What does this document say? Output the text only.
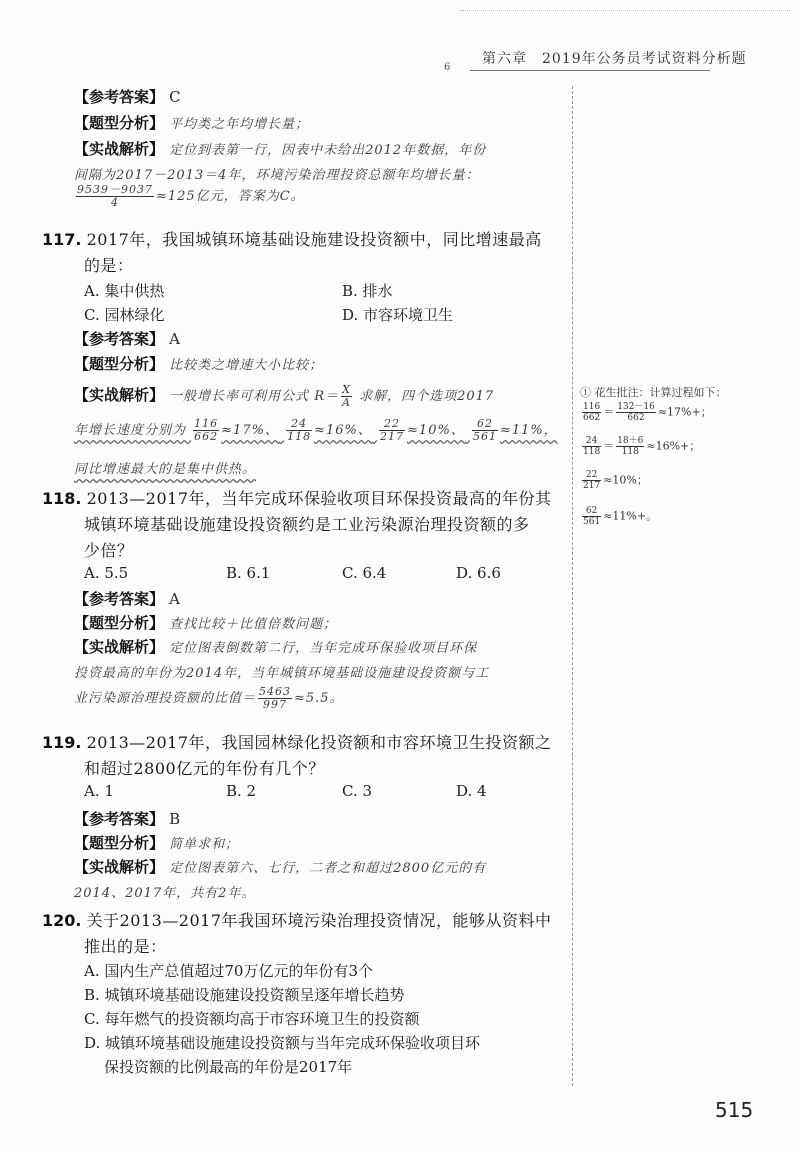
第六章　2019年公务员考试资料分析题
6
【参考答案】 C
【题型分析】 平均类之年均增长量；
【实战解析】 定位到表第一行，因表中未给出2012年数据，年份
间隔为2017－2013＝4年，环境污染治理投资总额年均增长量：
$\frac{9539-9037}{4} \approx 125$亿元，答案为C。
117. 2017年，我国城镇环境基础设施建设投资额中，同比增速最高
的是：
A. 集中供热	B. 排水
C. 园林绿化	D. 市容环境卫生
【参考答案】 A
【题型分析】 比较类之增速大小比较；
【实战解析】 一般增长率可利用公式 $R= \frac{X}{A}$ 求解，四个选项2017
年增长速度分别为 $\frac{116}{662} \approx 17\%$、 $\frac{24}{118} \approx 16\%$、 $\frac{22}{217} \approx 10\%$、 $\frac{62}{561} \approx 11\%$，
同比增速最大的是集中供热。
118. 2013—2017年，当年完成环保验收项目环保投资最高的年份其
城镇环境基础设施建设投资额约是工业污染源治理投资额的多
少倍？
A. 5.5	B. 6.1	C. 6.4	D. 6.6
【参考答案】 A
【题型分析】 查找比较＋比值倍数问题；
【实战解析】 定位图表倒数第二行，当年完成环保验收项目环保
投资最高的年份为2014年，当年城镇环境基础设施建设投资额与工
业污染源治理投资额的比值＝ $\frac{5463}{997} \approx 5.5$。
119. 2013—2017年，我国园林绿化投资额和市容环境卫生投资额之
和超过2800亿元的年份有几个？
A. 1	B. 2	C. 3	D. 4
【参考答案】 B
【题型分析】 简单求和；
【实战解析】 定位图表第六、七行，二者之和超过2800亿元的有
2014、2017年，共有2年。
120. 关于2013—2017年我国环境污染治理投资情况，能够从资料中
推出的是：
A. 国内生产总值超过70万亿元的年份有3个
B. 城镇环境基础设施建设投资额呈逐年增长趋势
C. 每年燃气的投资额均高于市容环境卫生的投资额
D. 城镇环境基础设施建设投资额与当年完成环保验收项目环
保投资额的比例最高的年份是2017年
① 花生批注：计算过程如下：
$\frac{116}{662} = \frac{132-16}{662} \approx 17\%+$；
$\frac{24}{118} = \frac{18+6}{118} \approx 16\%+$；
$\frac{22}{217} \approx 10\%$；
$\frac{62}{561} \approx 11\%+$。
515
